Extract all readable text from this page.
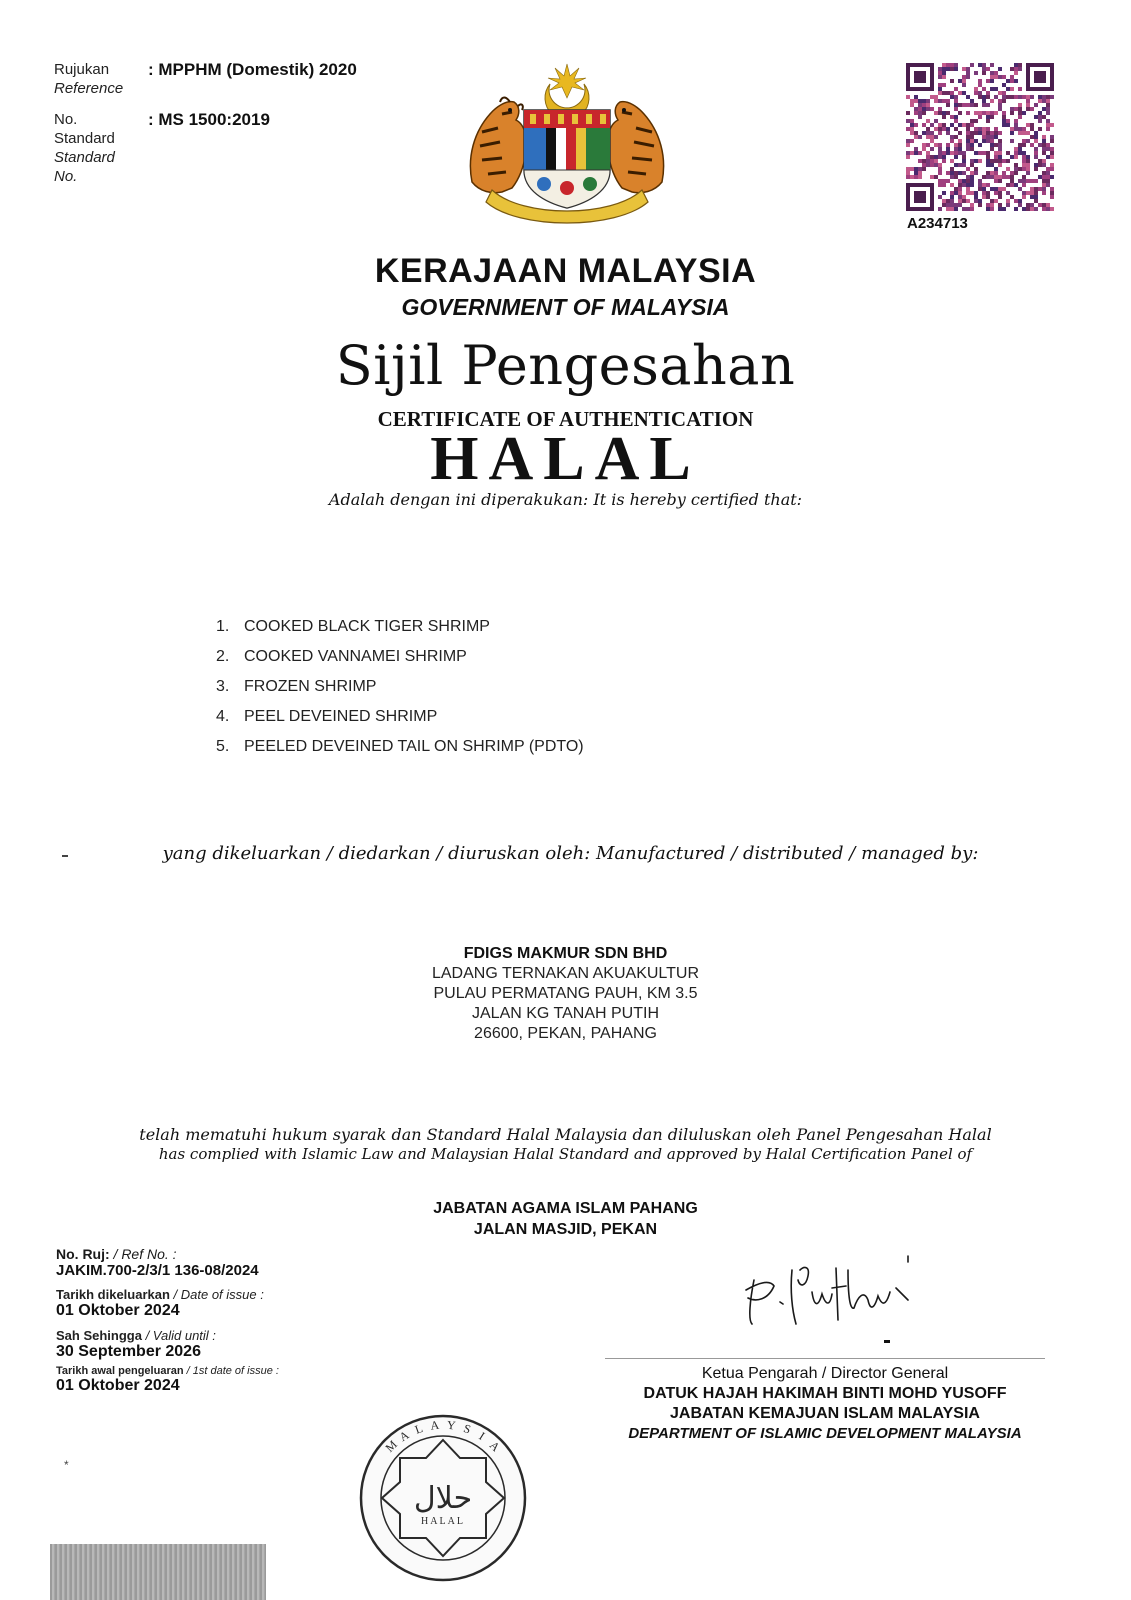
Rujukan
Reference
: MPPHM (Domestik) 2020
No.
Standard
Standard
No.
: MS 1500:2019
A234713
KERAJAAN MALAYSIA
GOVERNMENT OF MALAYSIA
Sijil Pengesahan
CERTIFICATE OF AUTHENTICATION
HALAL
Adalah dengan ini diperakukan: It is hereby certified that:
1. COOKED BLACK TIGER SHRIMP
2. COOKED VANNAMEI SHRIMP
3. FROZEN SHRIMP
4. PEEL DEVEINED SHRIMP
5. PEELED DEVEINED TAIL ON SHRIMP (PDTO)
yang dikeluarkan / diedarkan / diuruskan oleh: Manufactured / distributed / managed by:
FDIGS MAKMUR SDN BHD
LADANG TERNAKAN AKUAKULTUR
PULAU PERMATANG PAUH, KM 3.5
JALAN KG TANAH PUTIH
26600, PEKAN, PAHANG
telah mematuhi hukum syarak dan Standard Halal Malaysia dan diluluskan oleh Panel Pengesahan Halal
has complied with Islamic Law and Malaysian Halal Standard and approved by Halal Certification Panel of
JABATAN AGAMA ISLAM PAHANG
JALAN MASJID, PEKAN
No. Ruj: / Ref No. :
JAKIM.700-2/3/1 136-08/2024
Tarikh dikeluarkan / Date of issue :
01 Oktober 2024
Sah Sehingga / Valid until :
30 September 2026
Tarikh awal pengeluaran / 1st date of issue :
01 Oktober 2024
*
Ketua Pengarah / Director General
DATUK HAJAH HAKIMAH BINTI MOHD YUSOFF
JABATAN KEMAJUAN ISLAM MALAYSIA
DEPARTMENT OF ISLAMIC DEVELOPMENT MALAYSIA
حلال
HALAL
M
A L A Y S I
A
